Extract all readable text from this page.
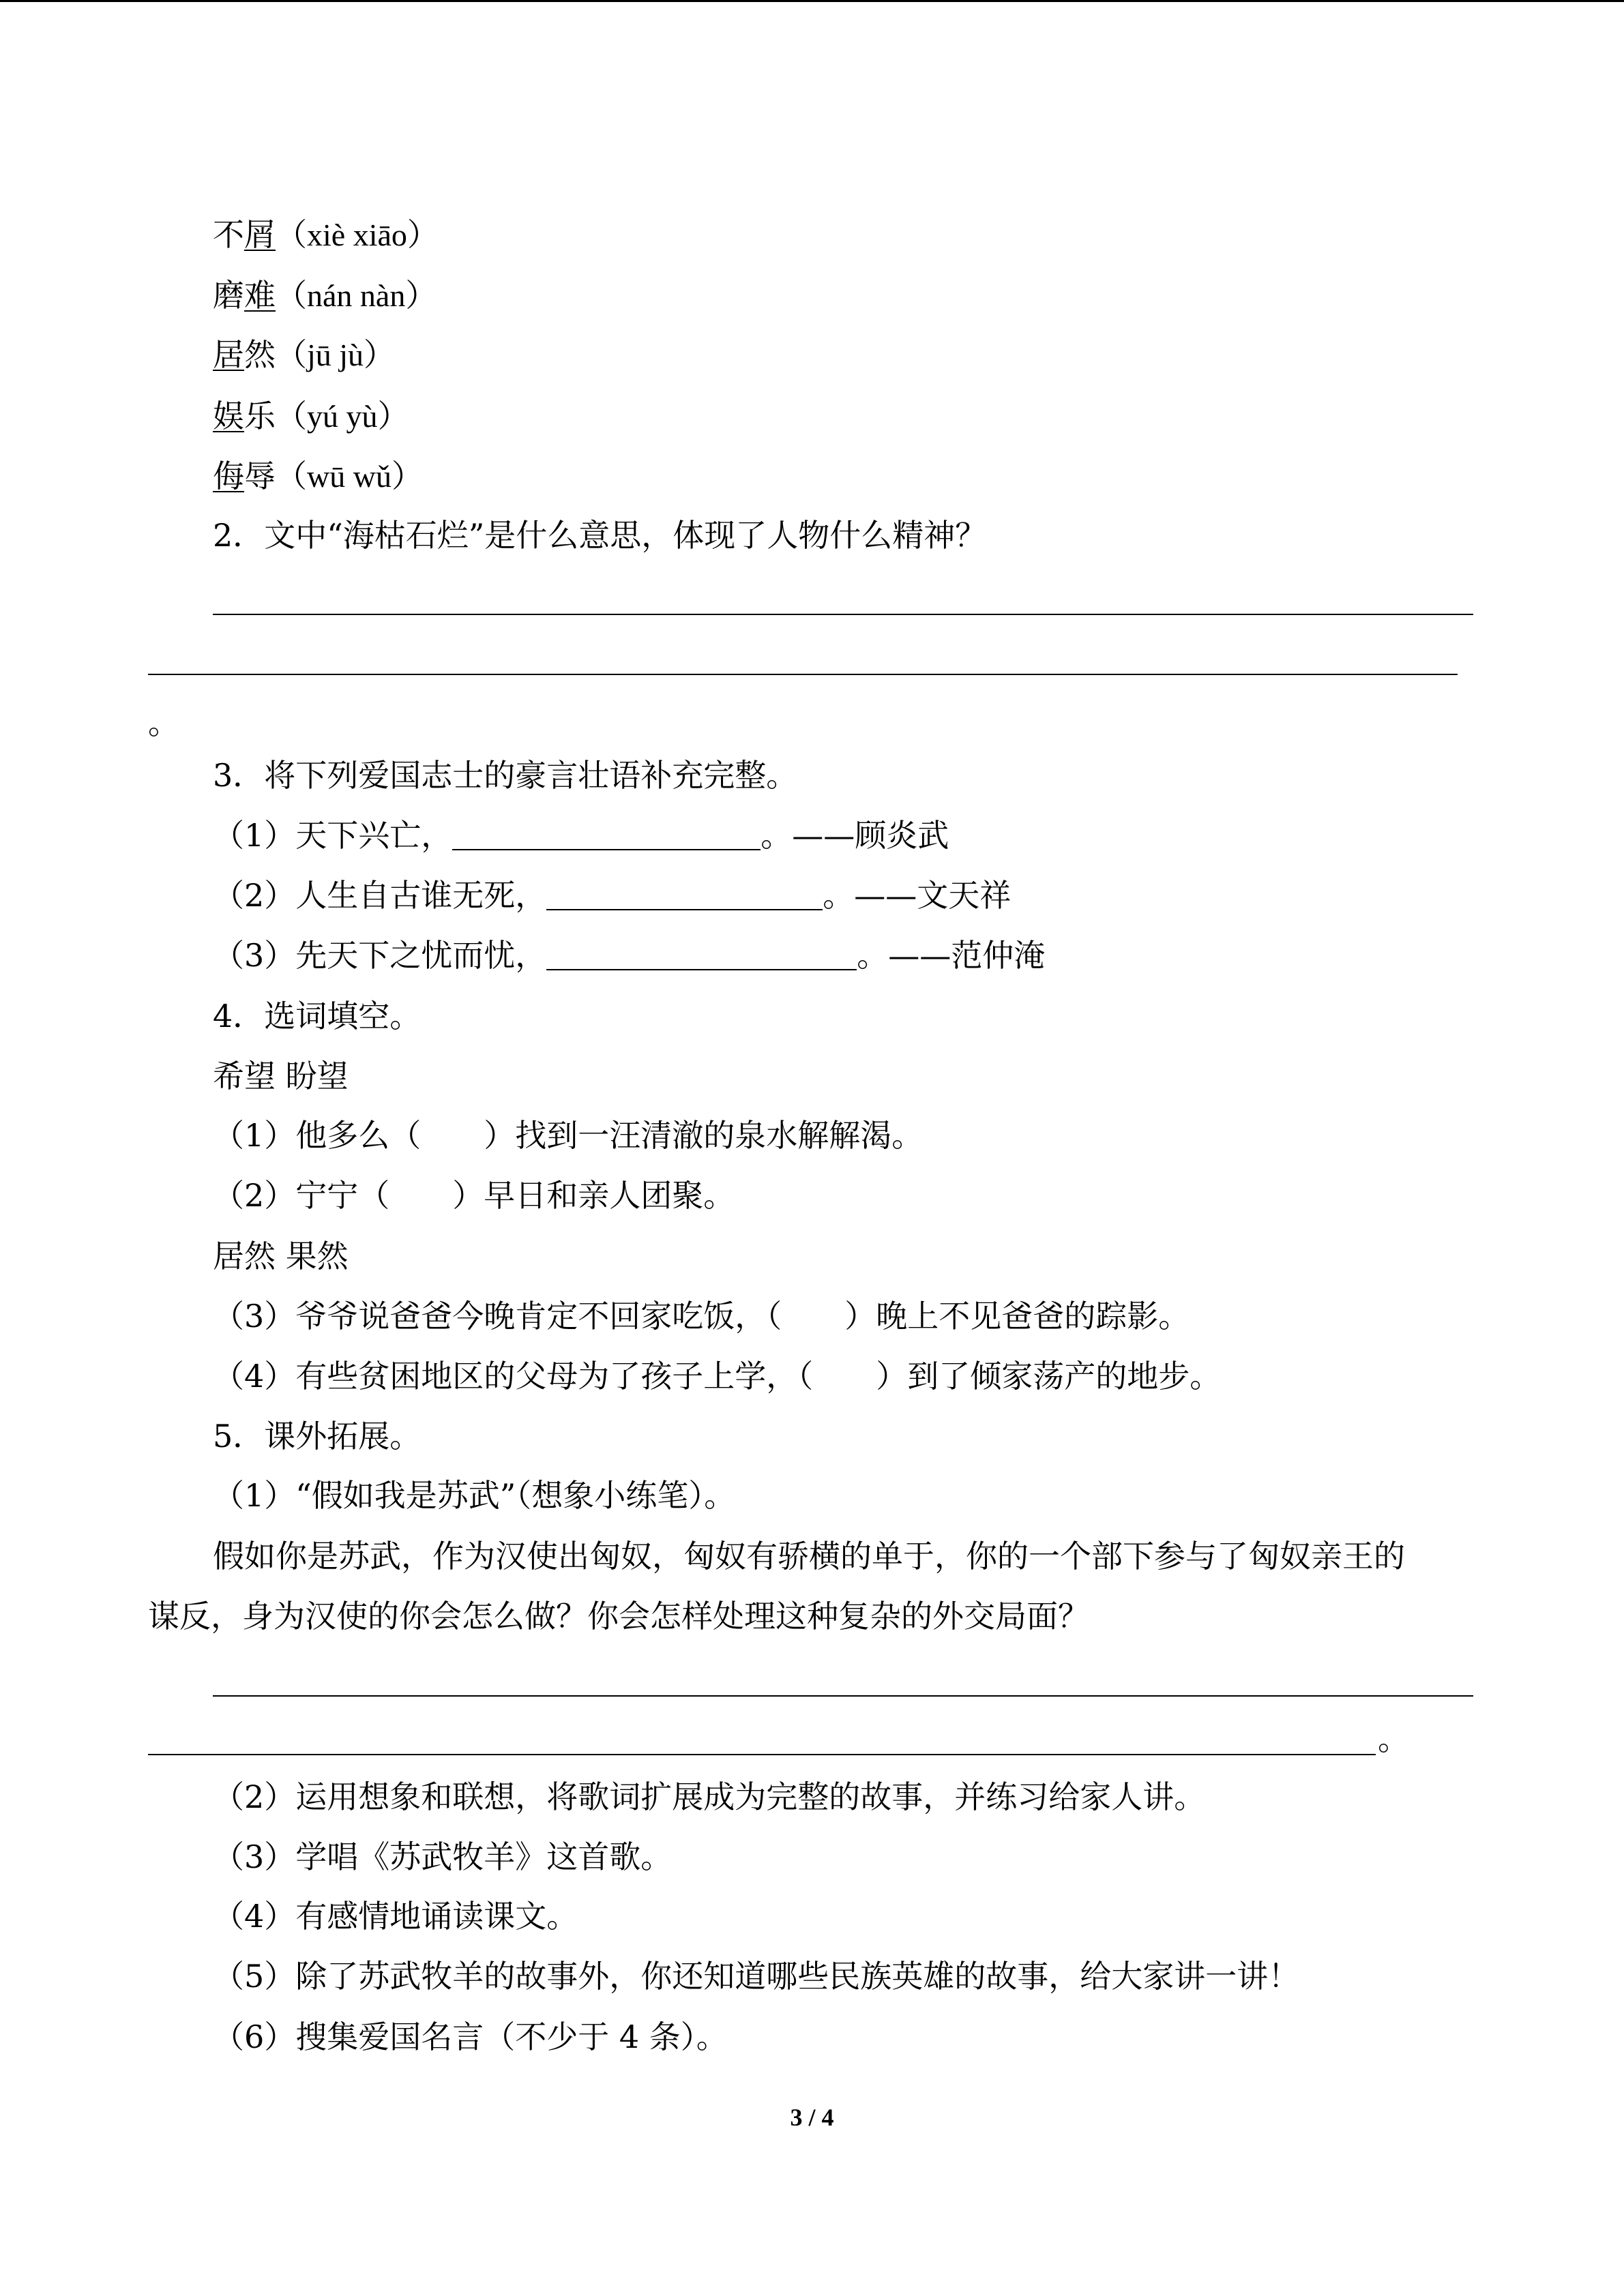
不屑（xiè xiāo）
磨难（nán nàn）
居然（jū jù）
娱乐（yú yù）
侮辱（wū wǔ）
2．文中“海枯石烂”是什么意思，体现了人物什么精神？
。
3．将下列爱国志士的豪言壮语补充完整。
（1）天下兴亡，	。——顾炎武
（2）人生自古谁无死，	。——文天祥
（3）先天下之忧而忧，	。——范仲淹
4．选词填空。
希望 盼望
（1）他多么（　　）找到一汪清澈的泉水解解渴。
（2）宁宁（　　）早日和亲人团聚。
居然 果然
（3）爷爷说爸爸今晚肯定不回家吃饭，（　　）晚上不见爸爸的踪影。
（4）有些贫困地区的父母为了孩子上学，（　　）到了倾家荡产的地步。
5．课外拓展。
（1）“假如我是苏武”（想象小练笔）。
假如你是苏武，作为汉使出匈奴，匈奴有骄横的单于，你的一个部下参与了匈奴亲王的
谋反，身为汉使的你会怎么做？你会怎样处理这种复杂的外交局面？
。
（2）运用想象和联想，将歌词扩展成为完整的故事，并练习给家人讲。
（3）学唱《苏武牧羊》这首歌。
（4）有感情地诵读课文。
（5）除了苏武牧羊的故事外，你还知道哪些民族英雄的故事，给大家讲一讲！
（6）搜集爱国名言（不少于 4 条）。
3 / 4
